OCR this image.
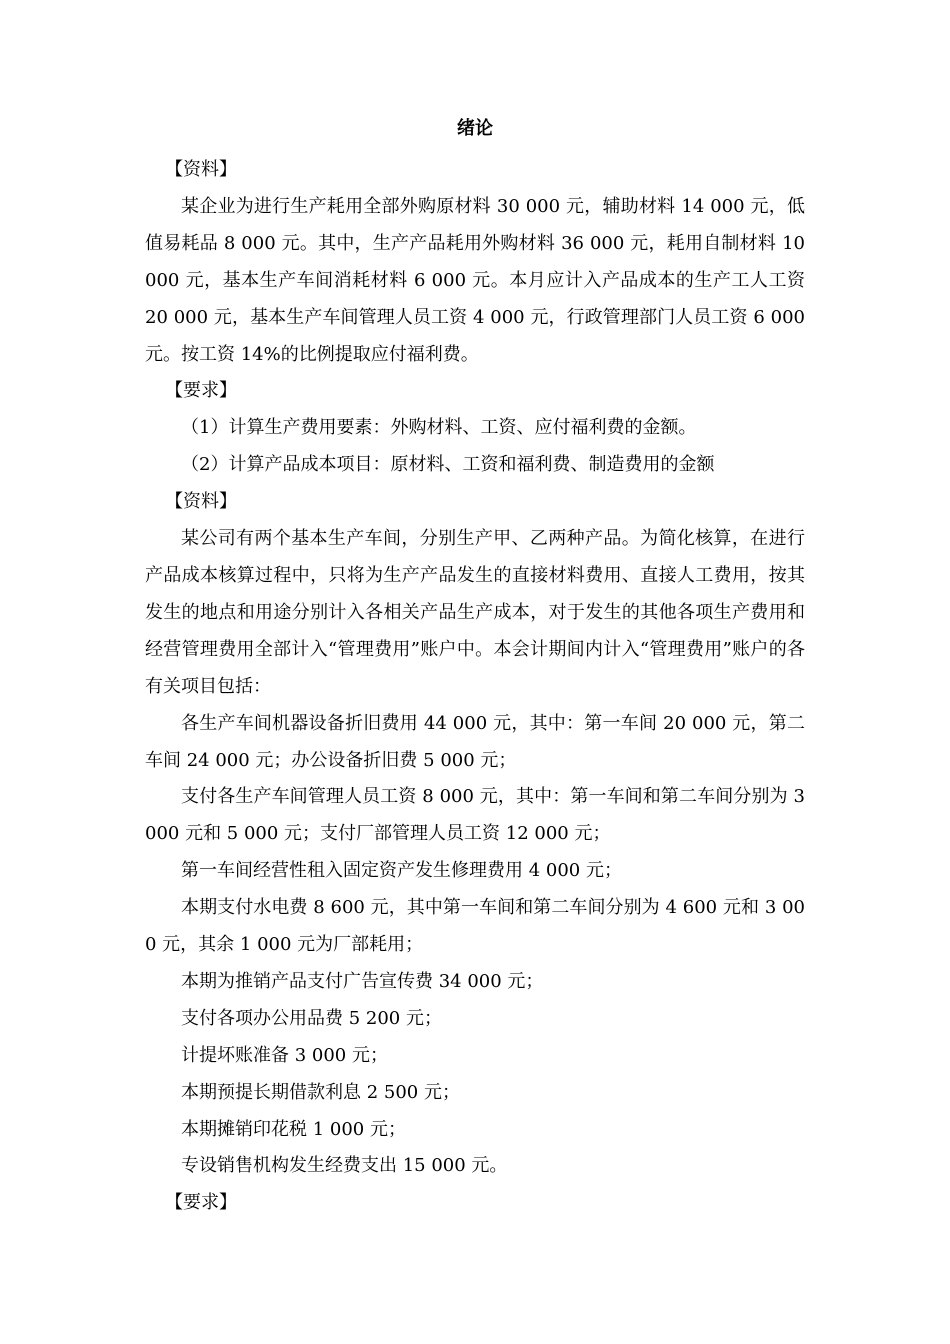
绪论
【资料】

某企业为进行生产耗用全部外购原材料 30 000 元，辅助材料 14 000 元，低值易耗品 8 000 元。其中，生产产品耗用外购材料 36 000 元，耗用自制材料 10 000 元，基本生产车间消耗材料 6 000 元。本月应计入产品成本的生产工人工资 20 000 元，基本生产车间管理人员工资 4 000 元，行政管理部门人员工资 6 000 元。按工资 14%的比例提取应付福利费。

【要求】

（1）计算生产费用要素：外购材料、工资、应付福利费的金额。

（2）计算产品成本项目：原材料、工资和福利费、制造费用的金额

【资料】

某公司有两个基本生产车间，分别生产甲、乙两种产品。为简化核算，在进行产品成本核算过程中，只将为生产产品发生的直接材料费用、直接人工费用，按其发生的地点和用途分别计入各相关产品生产成本，对于发生的其他各项生产费用和经营管理费用全部计入“管理费用”账户中。本会计期间内计入“管理费用”账户的各有关项目包括：

各生产车间机器设备折旧费用 44 000 元，其中：第一车间 20 000 元，第二车间 24 000 元；办公设备折旧费 5 000 元；

支付各生产车间管理人员工资 8 000 元，其中：第一车间和第二车间分别为 3 000 元和 5 000 元；支付厂部管理人员工资 12 000 元；

第一车间经营性租入固定资产发生修理费用 4 000 元；

本期支付水电费 8 600 元，其中第一车间和第二车间分别为 4 600 元和 3 000 元，其余 1 000 元为厂部耗用；

本期为推销产品支付广告宣传费 34 000 元；

支付各项办公用品费 5 200 元；

计提坏账准备 3 000 元；

本期预提长期借款利息 2 500 元；

本期摊销印花税 1 000 元；

专设销售机构发生经费支出 15 000 元。

【要求】
